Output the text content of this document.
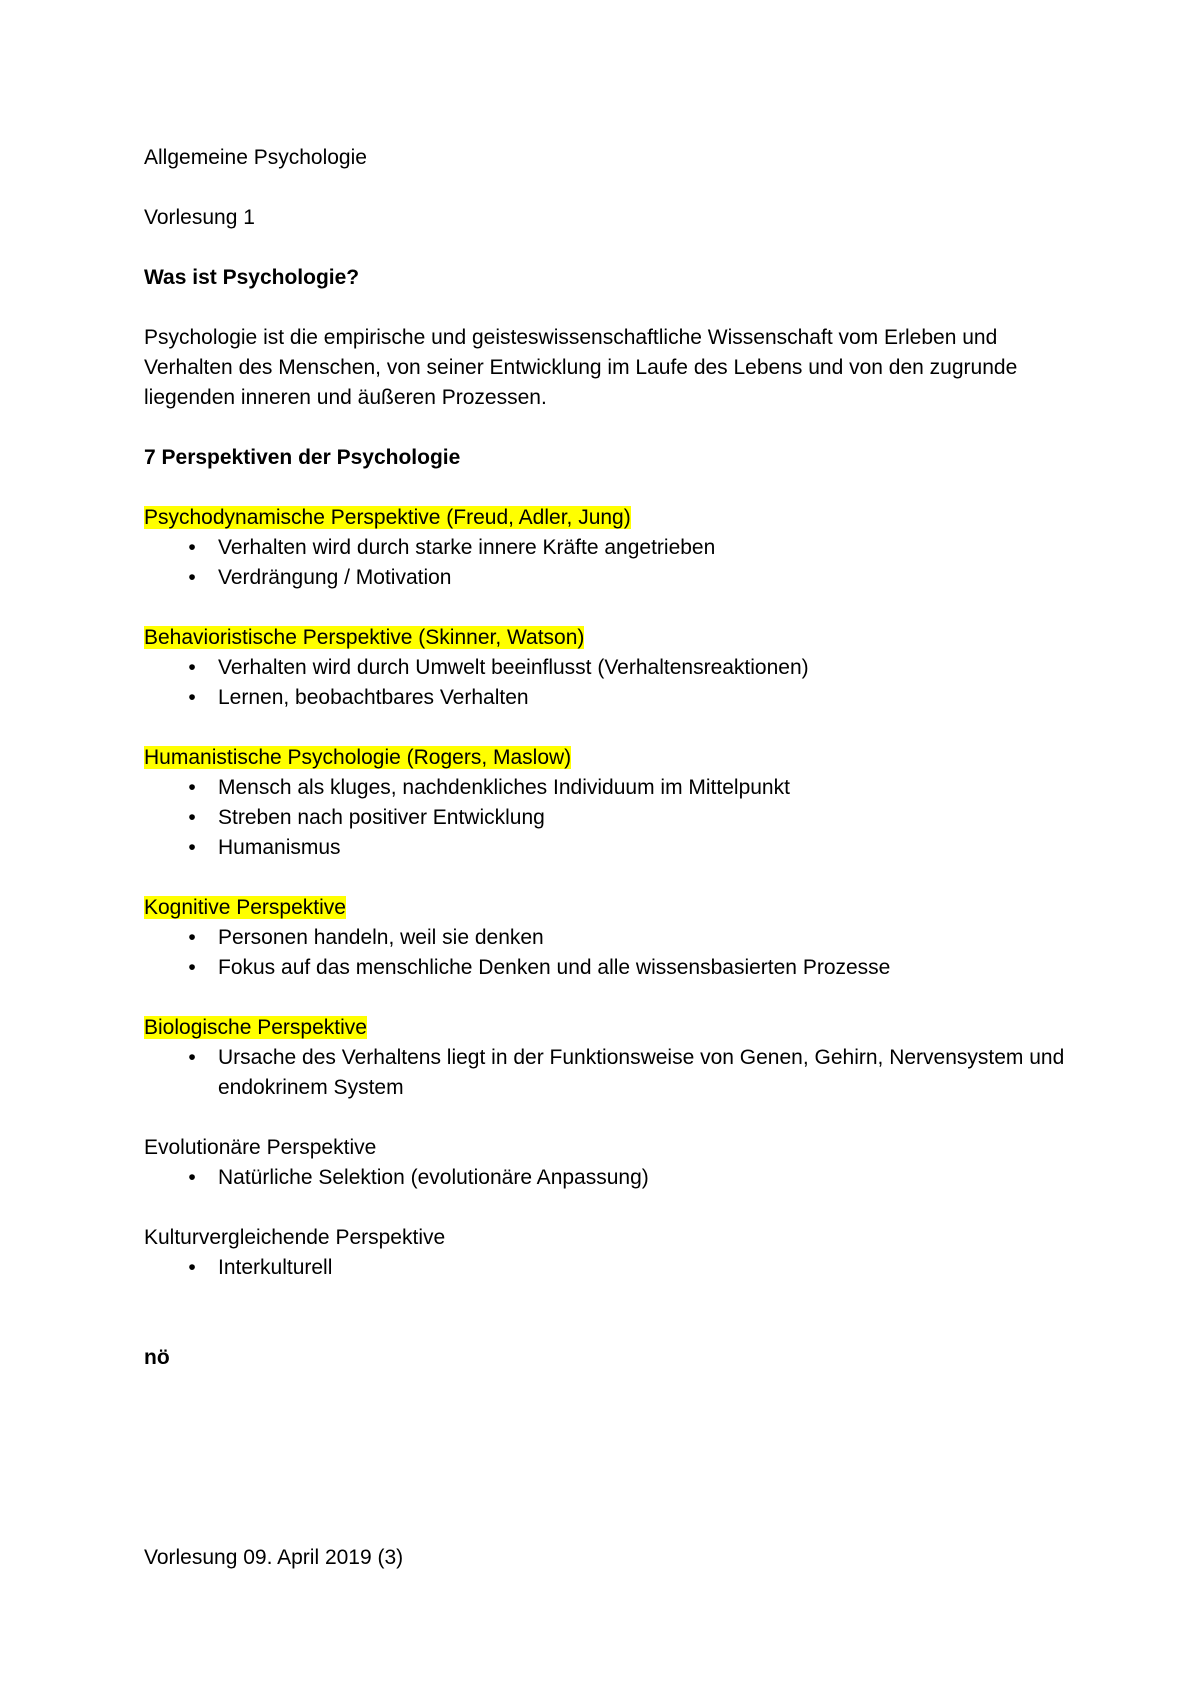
Allgemeine Psychologie
Vorlesung 1
Was ist Psychologie?

Psychologie ist die empirische und geisteswissenschaftliche Wissenschaft vom Erleben und Verhalten des Menschen, von seiner Entwicklung im Laufe des Lebens und von den zugrunde liegenden inneren und äußeren Prozessen.

7 Perspektiven der Psychologie
Psychodynamische Perspektive (Freud, Adler, Jung)
•	Verhalten wird durch starke innere Kräfte angetrieben
•	Verdrängung / Motivation
Behavioristische Perspektive (Skinner, Watson)
•	Verhalten wird durch Umwelt beeinflusst (Verhaltensreaktionen)
•	Lernen, beobachtbares Verhalten
Humanistische Psychologie (Rogers, Maslow)
•	Mensch als kluges, nachdenkliches Individuum im Mittelpunkt
•	Streben nach positiver Entwicklung
•	Humanismus
Kognitive Perspektive
•	Personen handeln, weil sie denken
•	Fokus auf das menschliche Denken und alle wissensbasierten Prozesse
Biologische Perspektive
•	Ursache des Verhaltens liegt in der Funktionsweise von Genen, Gehirn, Nervensystem und endokrinem System
Evolutionäre Perspektive
•	Natürliche Selektion (evolutionäre Anpassung)
Kulturvergleichende Perspektive
•	Interkulturell
nö
Vorlesung 09. April 2019 (3)
